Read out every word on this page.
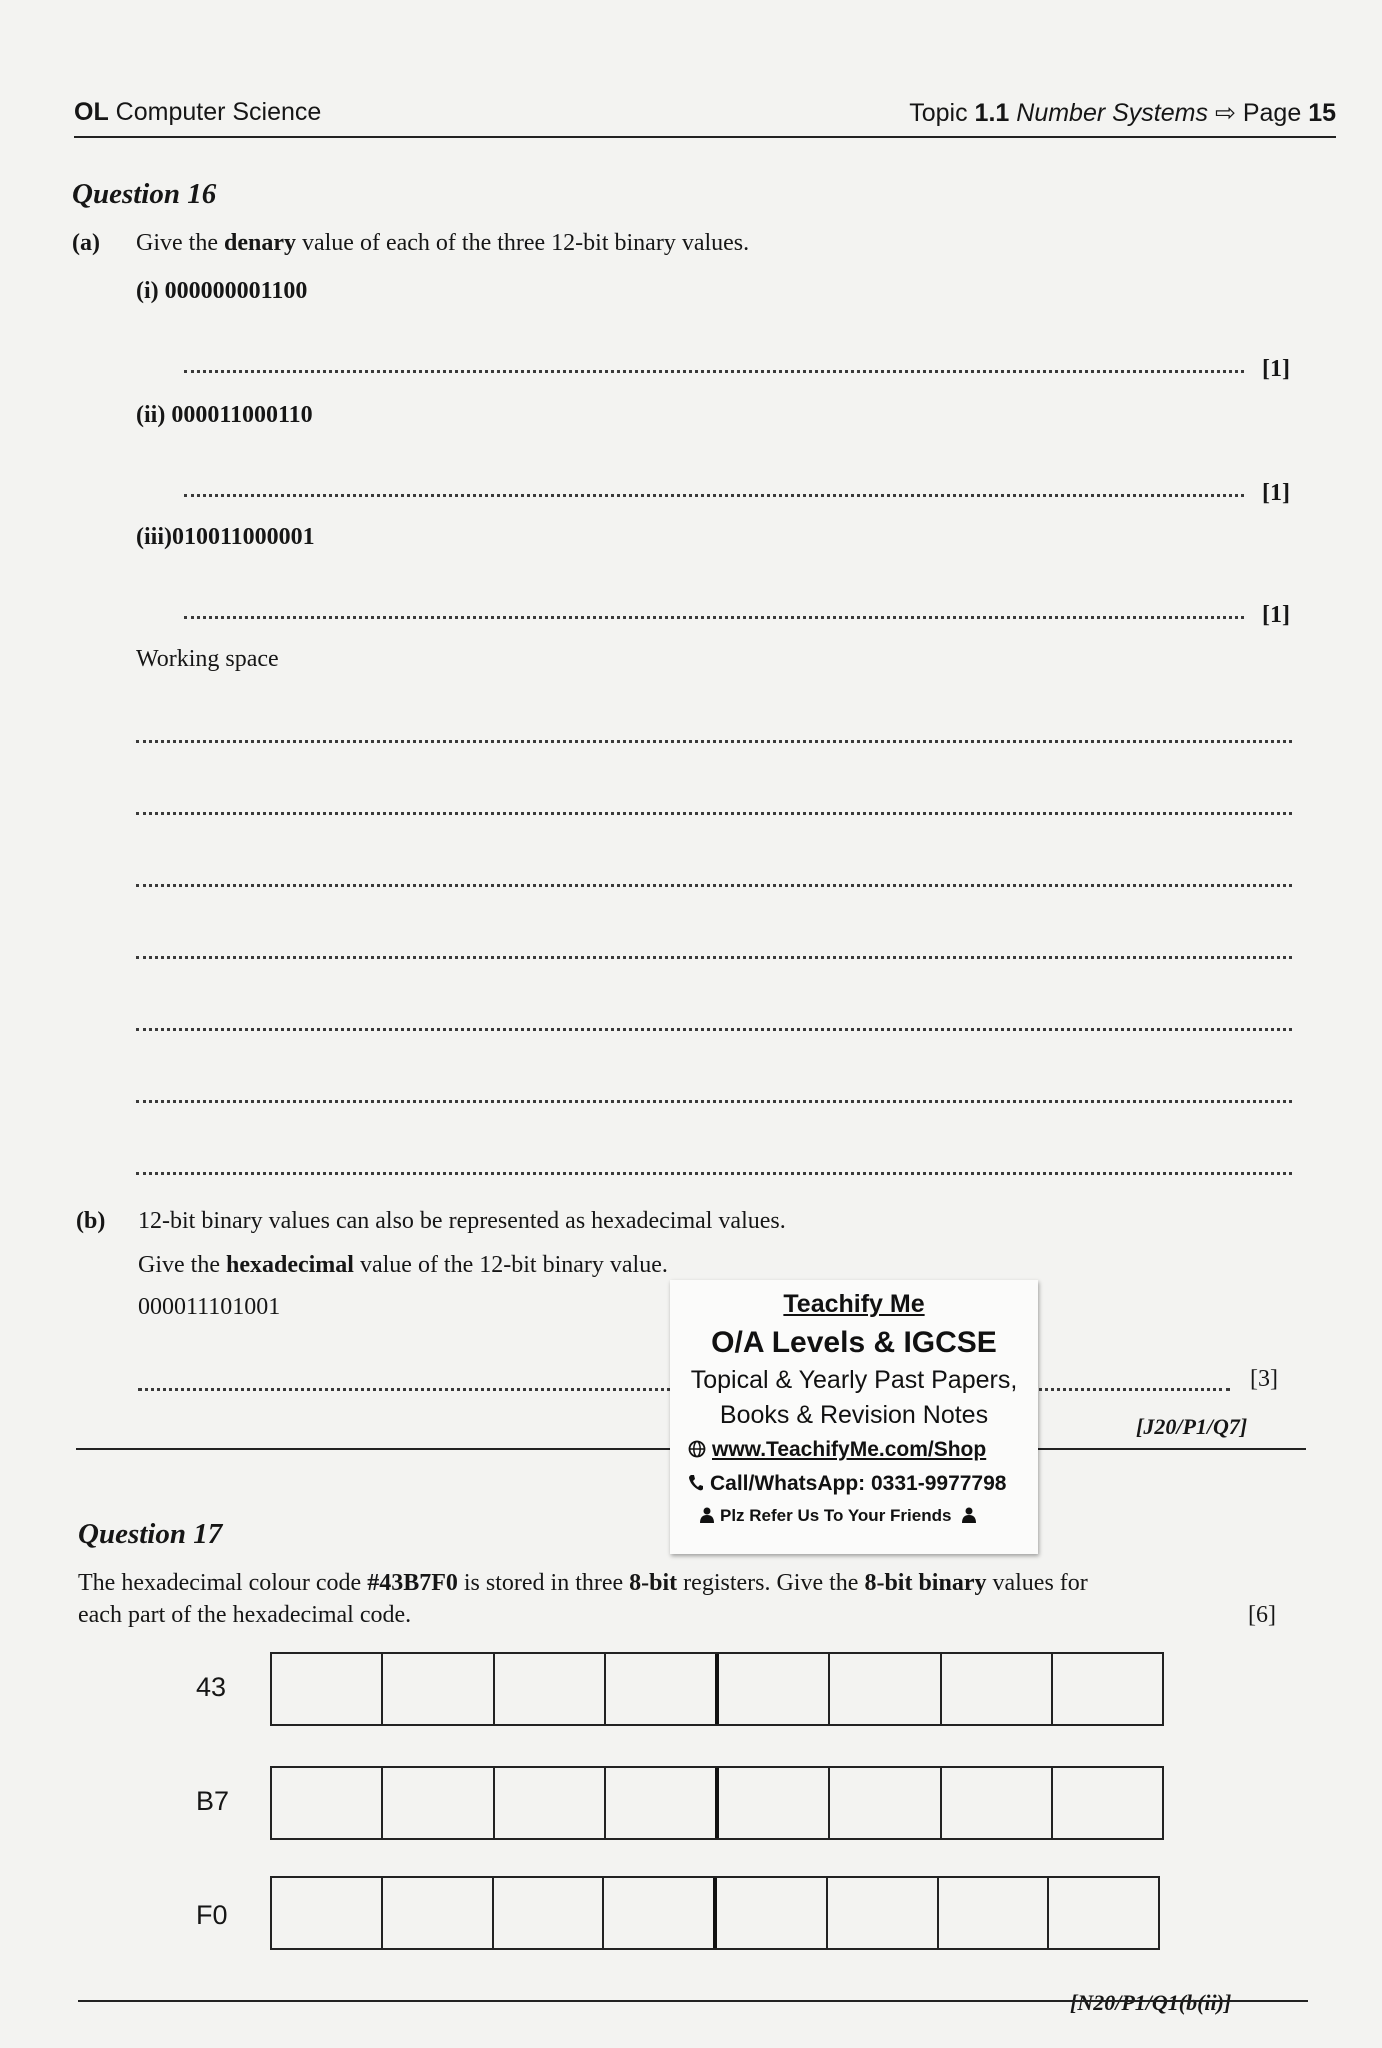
OL Computer Science	Topic 1.1 Number Systems ⇨ Page 15
Question 16
(a) Give the denary value of each of the three 12-bit binary values.
(i) 000000001100
[1]
(ii) 000011000110
[1]
(iii)010011000001
[1]
Working space
(b) 12-bit binary values can also be represented as hexadecimal values.
Give the hexadecimal value of the 12-bit binary value.
000011101001
[3]
[J20/P1/Q7]
Question 17
The hexadecimal colour code #43B7F0 is stored in three 8-bit registers. Give the 8-bit binary values for
each part of the hexadecimal code.	[6]
43
B7
F0
[N20/P1/Q1(b(ii)]
Teachify Me
O/A Levels & IGCSE
Topical & Yearly Past Papers,
Books & Revision Notes
www.TeachifyMe.com/Shop
Call/WhatsApp: 0331-9977798
Plz Refer Us To Your Friends
